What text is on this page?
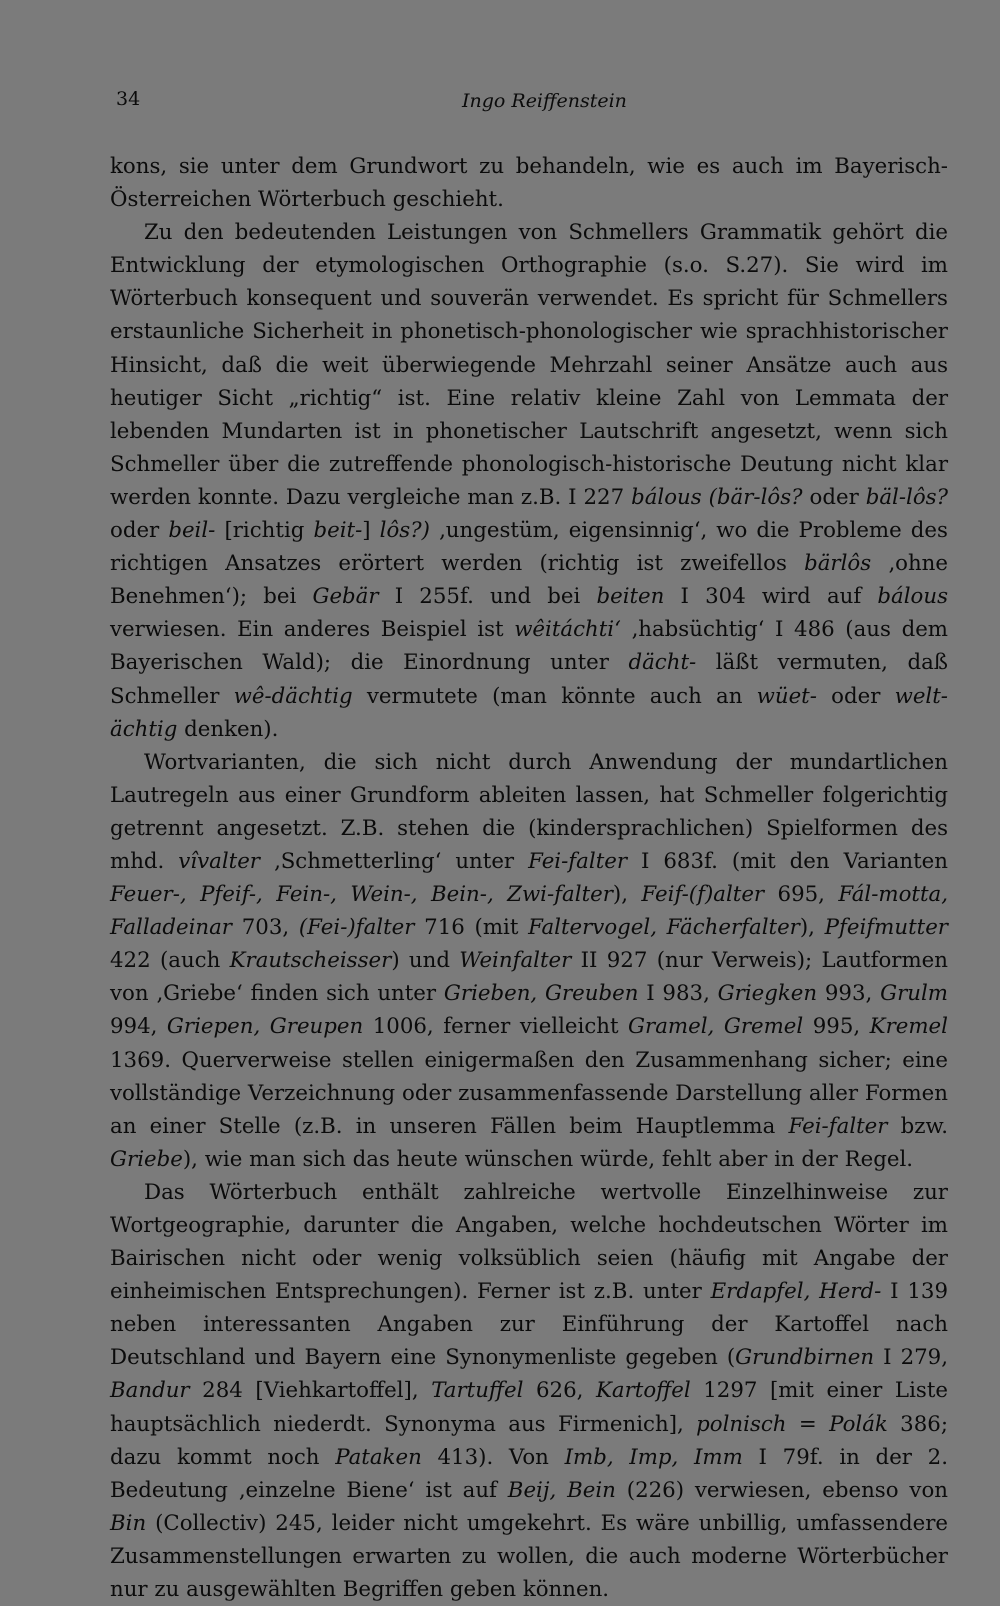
34	Ingo Reiffenstein

kons, sie unter dem Grundwort zu behandeln, wie es auch im Bayerisch-Österreichen Wörterbuch geschieht.

Zu den bedeutenden Leistungen von Schmellers Grammatik gehört die Entwicklung der etymologischen Orthographie (s.o. S.27). Sie wird im Wörterbuch konsequent und souverän verwendet. Es spricht für Schmellers erstaunliche Sicherheit in phonetisch-phonologischer wie sprachhistorischer Hinsicht, daß die weit überwiegende Mehrzahl seiner Ansätze auch aus heutiger Sicht „richtig“ ist. Eine relativ kleine Zahl von Lemmata der lebenden Mundarten ist in phonetischer Lautschrift angesetzt, wenn sich Schmeller über die zutreffende phonologisch-historische Deutung nicht klar werden konnte. Dazu vergleiche man z.B. I 227 bálous (bär-lôs? oder bäl-lôs? oder beil- [richtig beit-] lôs?) ‚ungestüm, eigensinnig‘, wo die Probleme des richtigen Ansatzes erörtert werden (richtig ist zweifellos bärlôs ‚ohne Benehmen‘); bei Gebär I 255f. und bei beiten I 304 wird auf bálous verwiesen. Ein anderes Beispiel ist wêitáchti‘ ‚habsüchtig‘ I 486 (aus dem Bayerischen Wald); die Einordnung unter dächt- läßt vermuten, daß Schmeller wê-dächtig vermutete (man könnte auch an wüet- oder welt-ächtig denken).

Wortvarianten, die sich nicht durch Anwendung der mundartlichen Lautregeln aus einer Grundform ableiten lassen, hat Schmeller folgerichtig getrennt angesetzt. Z.B. stehen die (kindersprachlichen) Spielformen des mhd. vîvalter ‚Schmetterling‘ unter Fei-falter I 683f. (mit den Varianten Feuer-, Pfeif-, Fein-, Wein-, Bein-, Zwi-falter), Feif-(f)alter 695, Fál-motta, Falladeinar 703, (Fei-)falter 716 (mit Faltervogel, Fächerfalter), Pfeifmutter 422 (auch Krautscheisser) und Weinfalter II 927 (nur Verweis); Lautformen von ‚Griebe‘ finden sich unter Grieben, Greuben I 983, Griegken 993, Grulm 994, Griepen, Greupen 1006, ferner vielleicht Gramel, Gremel 995, Kremel 1369. Querverweise stellen einigermaßen den Zusammenhang sicher; eine vollständige Verzeichnung oder zusammenfassende Darstellung aller Formen an einer Stelle (z.B. in unseren Fällen beim Hauptlemma Fei-falter bzw. Griebe), wie man sich das heute wünschen würde, fehlt aber in der Regel.

Das Wörterbuch enthält zahlreiche wertvolle Einzelhinweise zur Wortgeographie, darunter die Angaben, welche hochdeutschen Wörter im Bairischen nicht oder wenig volksüblich seien (häufig mit Angabe der einheimischen Entsprechungen). Ferner ist z.B. unter Erdapfel, Herd- I 139 neben interessanten Angaben zur Einführung der Kartoffel nach Deutschland und Bayern eine Synonymenliste gegeben (Grundbirnen I 279, Bandur 284 [Viehkartoffel], Tartuffel 626, Kartoffel 1297 [mit einer Liste hauptsächlich niederdt. Synonyma aus Firmenich], polnisch = Polák 386; dazu kommt noch Pataken 413). Von Imb, Imp, Imm I 79f. in der 2. Bedeutung ‚einzelne Biene‘ ist auf Beij, Bein (226) verwiesen, ebenso von Bin (Collectiv) 245, leider nicht umgekehrt. Es wäre unbillig, umfassendere Zusammenstellungen erwarten zu wollen, die auch moderne Wörterbücher nur zu ausgewählten Begriffen geben können.
